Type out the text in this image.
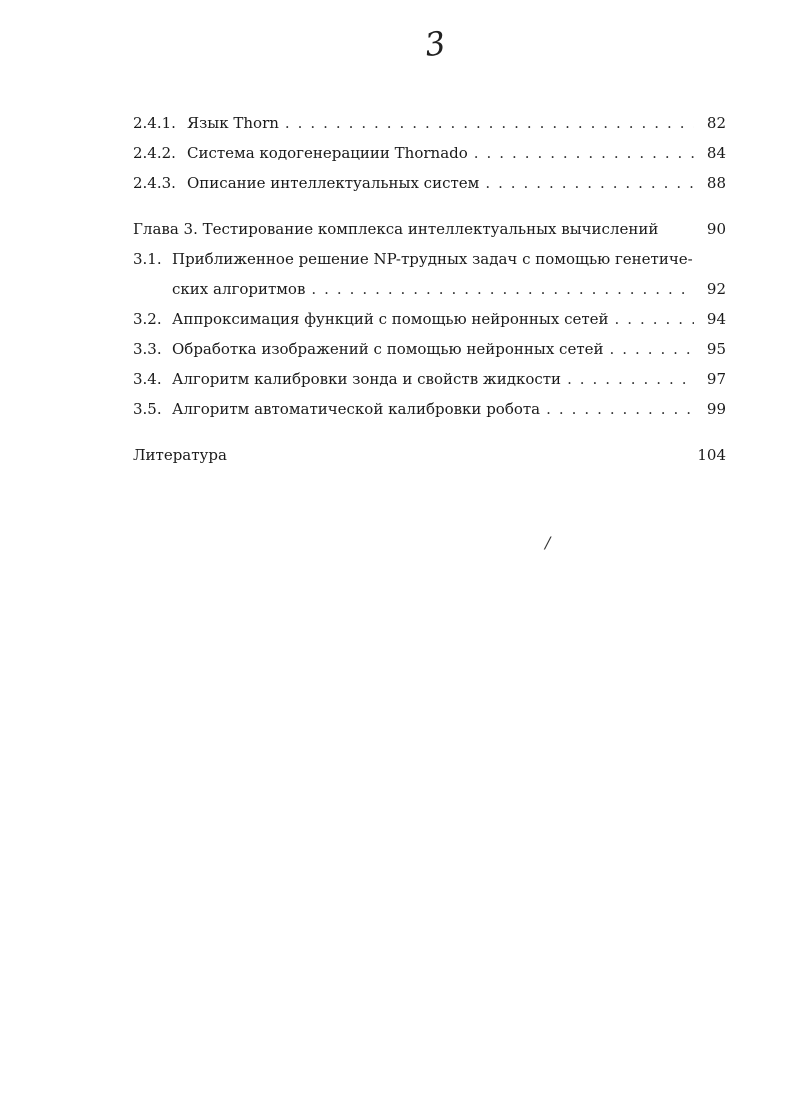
3
2.4.1. Язык Thorn . . .	82
2.4.2. Система кодогенерациии Thornado . . .	84
2.4.3. Описание интеллектуальных систем . . .	88
Глава 3. Тестирование комплекса интеллектуальных вычислений	90
3.1. Приближенное решение NP-трудных задач с помощью генетиче-
ских алгоритмов . . .	92
3.2. Аппроксимация функций с помощью нейронных сетей . . .	94
3.3. Обработка изображений с помощью нейронных сетей . . .	95
3.4. Алгоритм калибровки зонда и свойств жидкости . . .	97
3.5. Алгоритм автоматической калибровки робота . . .	99
Литература	104
/
